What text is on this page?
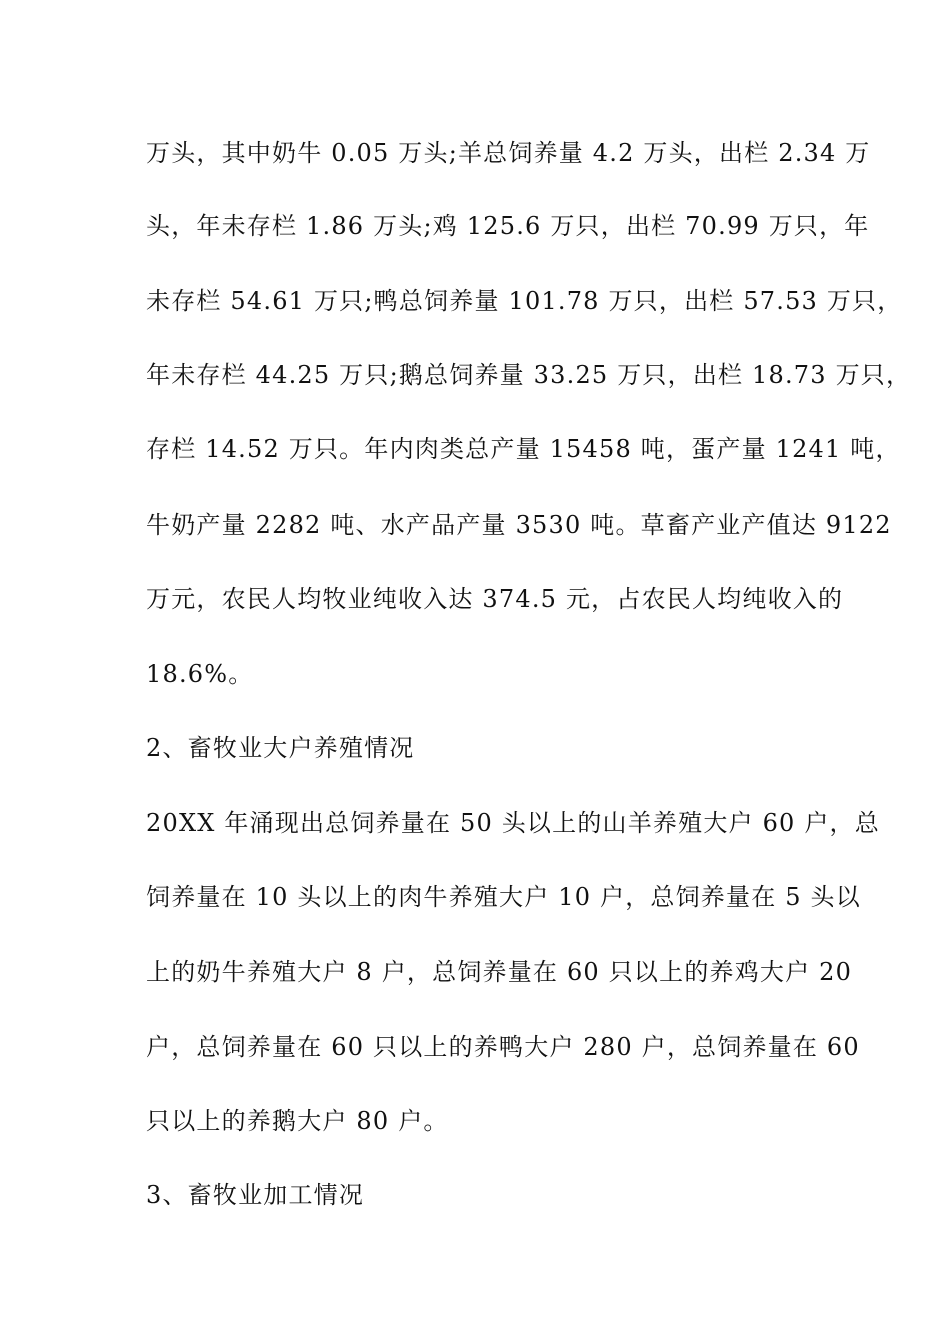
万头，其中奶牛 0.05 万头;羊总饲养量 4.2 万头，出栏 2.34 万
头，年未存栏 1.86 万头;鸡 125.6 万只，出栏 70.99 万只，年
未存栏 54.61 万只;鸭总饲养量 101.78 万只，出栏 57.53 万只，
年未存栏 44.25 万只;鹅总饲养量 33.25 万只，出栏 18.73 万只，
存栏 14.52 万只。年内肉类总产量 15458 吨，蛋产量 1241 吨，
牛奶产量 2282 吨、水产品产量 3530 吨。草畜产业产值达 9122
万元，农民人均牧业纯收入达 374.5 元，占农民人均纯收入的
18.6%。
2、畜牧业大户养殖情况
20XX 年涌现出总饲养量在 50 头以上的山羊养殖大户 60 户，总
饲养量在 10 头以上的肉牛养殖大户 10 户，总饲养量在 5 头以
上的奶牛养殖大户 8 户，总饲养量在 60 只以上的养鸡大户 20
户，总饲养量在 60 只以上的养鸭大户 280 户，总饲养量在 60
只以上的养鹅大户 80 户。
3、畜牧业加工情况
